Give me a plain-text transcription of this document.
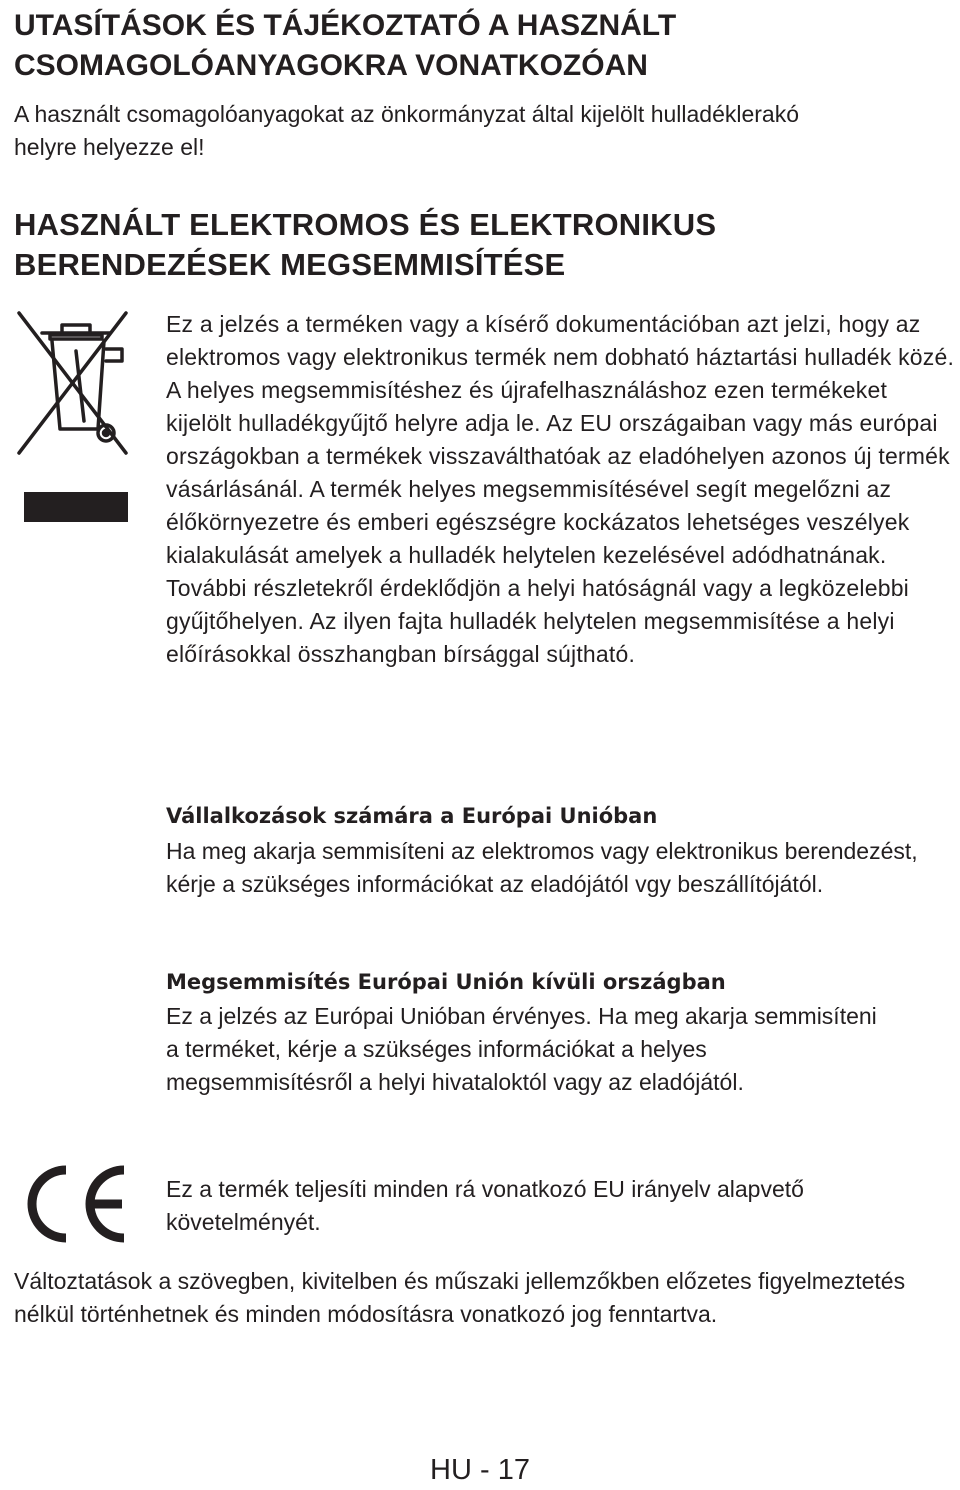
UTASÍTÁSOK ÉS TÁJÉKOZTATÓ A HASZNÁLT
CSOMAGOLÓANYAGOKRA VONATKOZÓAN

A használt csomagolóanyagokat az önkormányzat által kijelölt hulladéklerakó helyre helyezze el!

HASZNÁLT ELEKTROMOS ÉS ELEKTRONIKUS
BERENDEZÉSEK MEGSEMMISÍTÉSE

Ez a jelzés a terméken vagy a kísérő dokumentációban azt jelzi, hogy az elektromos vagy elektronikus termék nem dobható háztartási hulladék közé. A helyes megsemmisítéshez és újrafelhasználáshoz ezen termékeket kijelölt hulladékgyűjtő helyre adja le. Az EU országaiban vagy más európai országokban a termékek visszaválthatóak az eladóhelyen azonos új termék vásárlásánál. A termék helyes megsemmisítésével segít megelőzni az élőkörnyezetre és emberi egészségre kockázatos lehetséges veszélyek kialakulását amelyek a hulladék helytelen kezelésével adódhatnának. További részletekről érdeklődjön a helyi hatóságnál vagy a legközelebbi gyűjtőhelyen. Az ilyen fajta hulladék helytelen megsemmisítése a helyi előírásokkal összhangban bírsággal sújtható.

Vállalkozások számára a Európai Unióban

Ha meg akarja semmisíteni az elektromos vagy elektronikus berendezést, kérje a szükséges információkat az eladójától vgy beszállítójától.

Megsemmisítés Európai Unión kívüli országban

Ez a jelzés az Európai Unióban érvényes. Ha meg akarja semmisíteni a terméket, kérje a szükséges információkat a helyes megsemmisítésről a helyi hivataloktól vagy az eladójától.

Ez a termék teljesíti minden rá vonatkozó EU irányelv alapvető követelményét.

Változtatások a szövegben, kivitelben és műszaki jellemzőkben előzetes figyelmeztetés nélkül történhetnek és minden módosításra vonatkozó jog fenntartva.

HU - 17
